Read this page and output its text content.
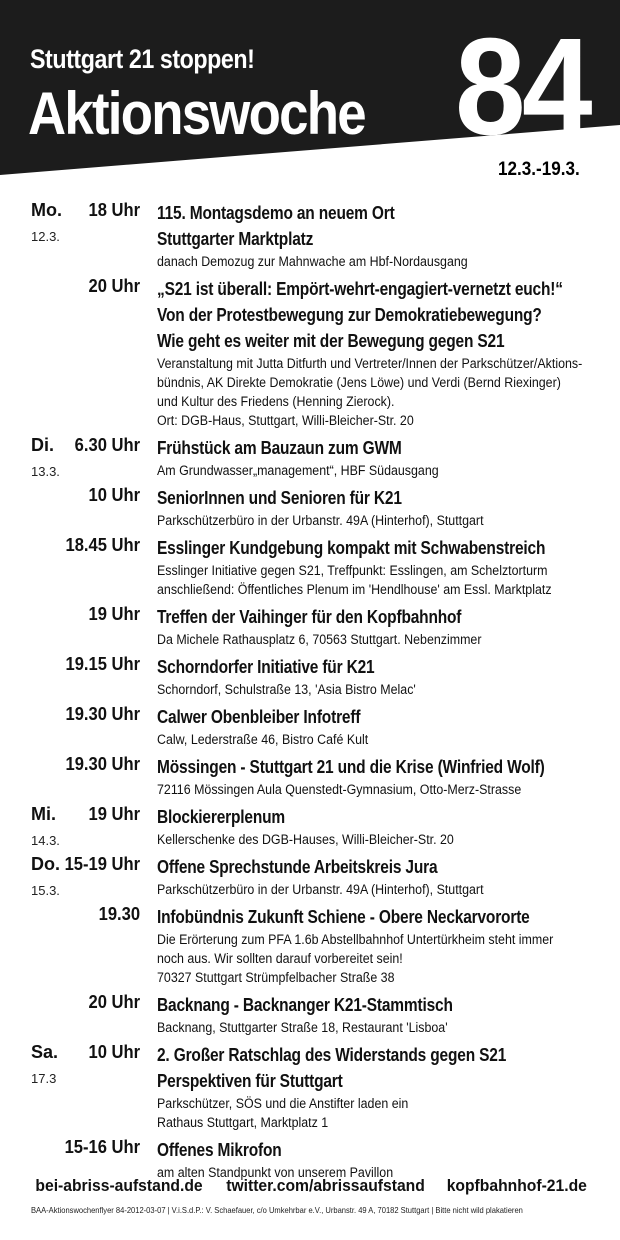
Stuttgart 21 stoppen!
Aktionswoche 84
12.3.-19.3.
Mo.
12.3.
18 Uhr 115. Montagsdemo an neuem Ort
Stuttgarter Marktplatz
danach Demozug zur Mahnwache am Hbf-Nordausgang
20 Uhr „S21 ist überall: Empört-wehrt-engagiert-vernetzt euch!“
Von der Protestbewegung zur Demokratiebewegung?
Wie geht es weiter mit der Bewegung gegen S21
Veranstaltung mit Jutta Ditfurth und Vertreter/Innen der Parkschützer/Aktions-
bündnis, AK Direkte Demokratie (Jens Löwe) und Verdi (Bernd Riexinger)
und Kultur des Friedens (Henning Zierock).
Ort: DGB-Haus, Stuttgart, Willi-Bleicher-Str. 20
Di.
13.3.
6.30 Uhr Frühstück am Bauzaun zum GWM
Am Grundwasser„management“, HBF Südausgang
10 Uhr SeniorInnen und Senioren für K21
Parkschützerbüro in der Urbanstr. 49A (Hinterhof), Stuttgart
18.45 Uhr Esslinger Kundgebung kompakt mit Schwabenstreich
Esslinger Initiative gegen S21, Treffpunkt: Esslingen, am Schelztorturm
anschließend: Öffentliches Plenum im 'Hendlhouse' am Essl. Marktplatz
19 Uhr Treffen der Vaihinger für den Kopfbahnhof
Da Michele Rathausplatz 6, 70563 Stuttgart. Nebenzimmer
19.15 Uhr Schorndorfer Initiative für K21
Schorndorf, Schulstraße 13, 'Asia Bistro Melac'
19.30 Uhr Calwer Obenbleiber Infotreff
Calw, Lederstraße 46, Bistro Café Kult
19.30 Uhr Mössingen - Stuttgart 21 und die Krise (Winfried Wolf)
72116 Mössingen Aula Quenstedt-Gymnasium, Otto-Merz-Strasse
Mi.
14.3.
19 Uhr Blockiererplenum
Kellerschenke des DGB-Hauses, Willi-Bleicher-Str. 20
Do.
15.3.
15-19 Uhr Offene Sprechstunde Arbeitskreis Jura
Parkschützerbüro in der Urbanstr. 49A (Hinterhof), Stuttgart
19.30 Infobündnis Zukunft Schiene - Obere Neckarvororte
Die Erörterung zum PFA 1.6b Abstellbahnhof Untertürkheim steht immer
noch aus. Wir sollten darauf vorbereitet sein!
70327 Stuttgart Strümpfelbacher Straße 38
20 Uhr Backnang - Backnanger K21-Stammtisch
Backnang, Stuttgarter Straße 18, Restaurant 'Lisboa'
Sa.
17.3
10 Uhr 2. Großer Ratschlag des Widerstands gegen S21
Perspektiven für Stuttgart
Parkschützer, SÖS und die Anstifter laden ein
Rathaus Stuttgart, Marktplatz 1
15-16 Uhr Offenes Mikrofon
am alten Standpunkt von unserem Pavillon
bei-abriss-aufstand.de twitter.com/abrissaufstand kopfbahnhof-21.de
BAA-Aktionswochenflyer 84-2012-03-07 | V.i.S.d.P.: V. Schaefauer, c/o Umkehrbar e.V., Urbanstr. 49 A, 70182 Stuttgart | Bitte nicht wild plakatieren
